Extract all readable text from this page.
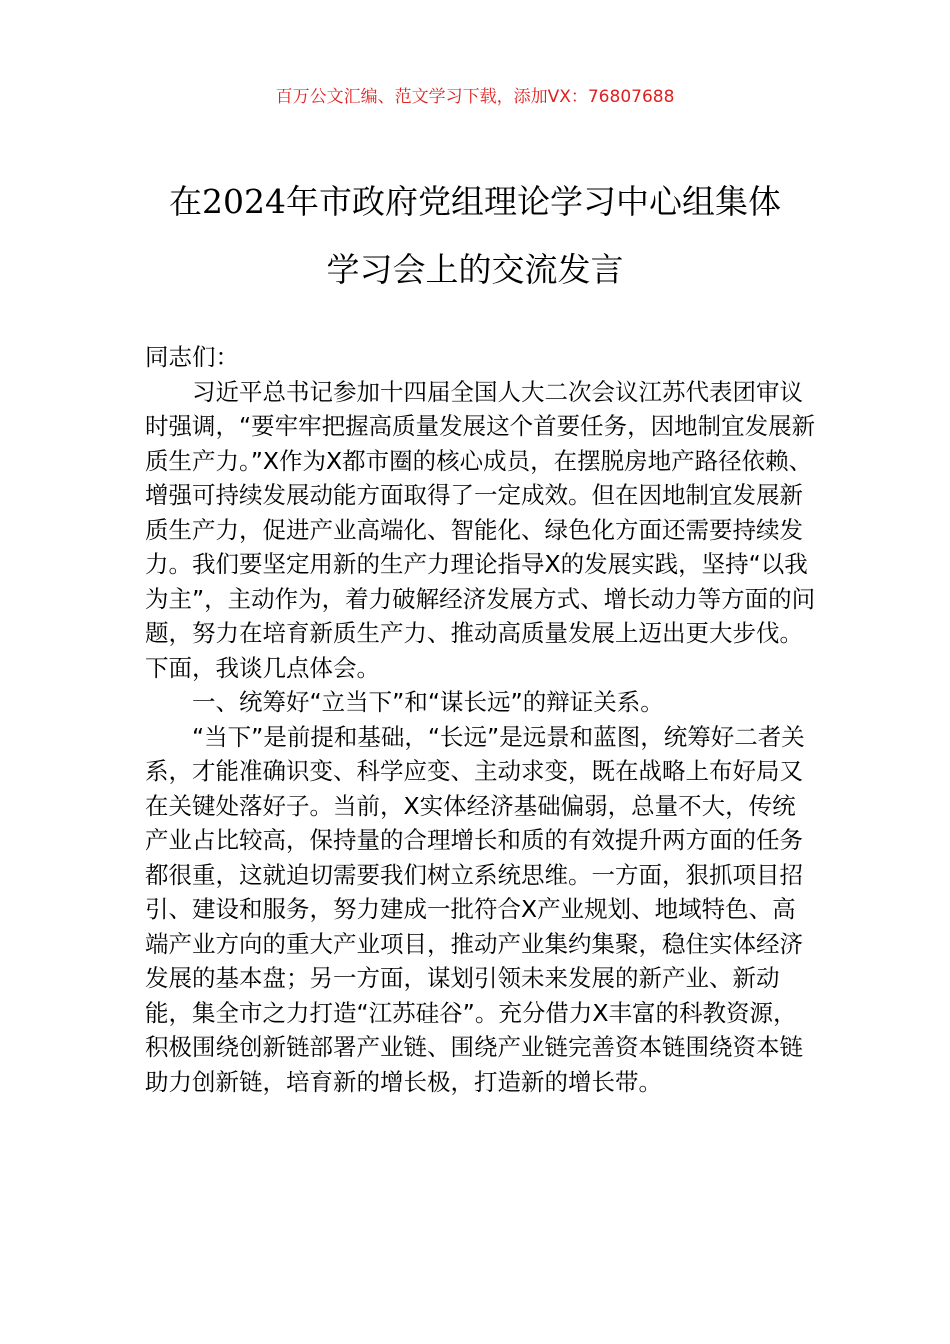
百万公文汇编、范文学习下载，添加VX：76807688
在2024年市政府党组理论学习中心组集体
学习会上的交流发言

同志们：

习近平总书记参加十四届全国人大二次会议江苏代表团审议时强调，“要牢牢把握高质量发展这个首要任务，因地制宜发展新质生产力。”X作为X都市圈的核心成员，在摆脱房地产路径依赖、增强可持续发展动能方面取得了一定成效。但在因地制宜发展新质生产力，促进产业高端化、智能化、绿色化方面还需要持续发力。我们要坚定用新的生产力理论指导X的发展实践，坚持“以我为主”，主动作为，着力破解经济发展方式、增长动力等方面的问题，努力在培育新质生产力、推动高质量发展上迈出更大步伐。下面，我谈几点体会。

一、统筹好“立当下”和“谋长远”的辩证关系。

“当下”是前提和基础，“长远”是远景和蓝图，统筹好二者关系，才能准确识变、科学应变、主动求变，既在战略上布好局又在关键处落好子。当前，X实体经济基础偏弱，总量不大，传统产业占比较高，保持量的合理增长和质的有效提升两方面的任务都很重，这就迫切需要我们树立系统思维。一方面，狠抓项目招引、建设和服务，努力建成一批符合X产业规划、地域特色、高端产业方向的重大产业项目，推动产业集约集聚，稳住实体经济发展的基本盘；另一方面，谋划引领未来发展的新产业、新动能，集全市之力打造“江苏硅谷”。充分借力X丰富的科教资源，积极围绕创新链部署产业链、围绕产业链完善资本链围绕资本链助力创新链，培育新的增长极，打造新的增长带。
